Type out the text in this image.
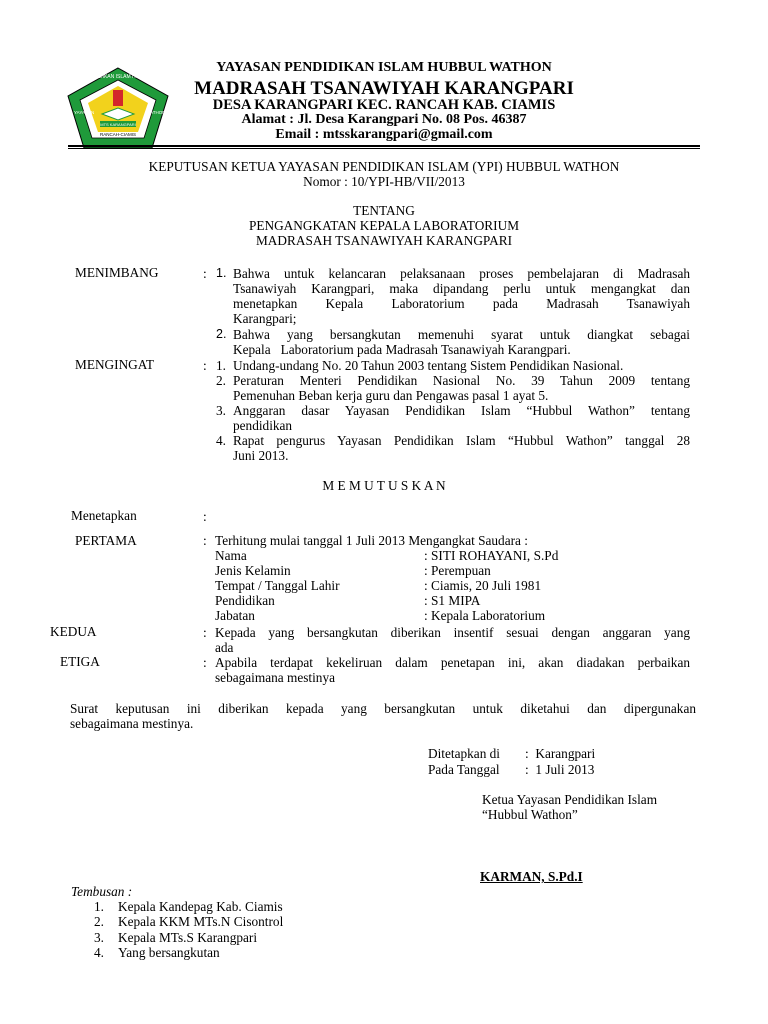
PENDIDIKAN ISLAM HUBBUL
YAYASAN	WATHON
MTS KARANGPARI
RANCAH-CIAMIS
YAYASAN PENDIDIKAN ISLAM HUBBUL WATHON
MADRASAH TSANAWIYAH KARANGPARI
DESA KARANGPARI KEC. RANCAH KAB. CIAMIS
Alamat : Jl. Desa Karangpari No. 08 Pos. 46387
Email : mtsskarangpari@gmail.com
KEPUTUSAN KETUA YAYASAN PENDIDIKAN ISLAM (YPI) HUBBUL WATHON
Nomor : 10/YPI-HB/VII/2013
TENTANG
PENGANGKATAN KEPALA LABORATORIUM
MADRASAH TSANAWIYAH KARANGPARI
MENIMBANG	: 1. Bahwa untuk kelancaran pelaksanaan proses pembelajaran di Madrasah
Tsanawiyah Karangpari, maka dipandang perlu untuk mengangkat dan
menetapkan Kepala Laboratorium pada Madrasah Tsanawiyah
Karangpari;
2. Bahwa yang bersangkutan memenuhi syarat untuk diangkat sebagai
Kepala   Laboratorium pada Madrasah Tsanawiyah Karangpari.
MENGINGAT	: 1. Undang-undang No. 20 Tahun 2003 tentang Sistem Pendidikan Nasional.
2. Peraturan Menteri Pendidikan Nasional No. 39 Tahun 2009 tentang
Pemenuhan Beban kerja guru dan Pengawas pasal 1 ayat 5.
3. Anggaran dasar Yayasan Pendidikan Islam “Hubbul Wathon” tentang
pendidikan
4. Rapat pengurus Yayasan Pendidikan Islam “Hubbul Wathon” tanggal 28
Juni 2013.
M E M U T U S K A N
Menetapkan	:
PERTAMA	: Terhitung mulai tanggal 1 Juli 2013 Mengangkat Saudara :
Nama	: SITI ROHAYANI, S.Pd
Jenis Kelamin	: Perempuan
Tempat / Tanggal Lahir	: Ciamis, 20 Juli 1981
Pendidikan	: S1 MIPA
Jabatan	: Kepala Laboratorium
KEDUA	: Kepada yang bersangkutan diberikan insentif sesuai dengan anggaran yang
ada
ETIGA	: Apabila terdapat kekeliruan dalam penetapan ini, akan diadakan perbaikan
sebagaimana mestinya
Surat keputusan ini diberikan kepada yang bersangkutan untuk diketahui dan dipergunakan
sebagaimana mestinya.
Ditetapkan di :  Karangpari
Pada Tanggal :  1 Juli 2013
Ketua Yayasan Pendidikan Islam
“Hubbul Wathon”
KARMAN, S.Pd.I
Tembusan :
1. Kepala Kandepag Kab. Ciamis
2. Kepala KKM MTs.N Cisontrol
3. Kepala MTs.S Karangpari
4. Yang bersangkutan
